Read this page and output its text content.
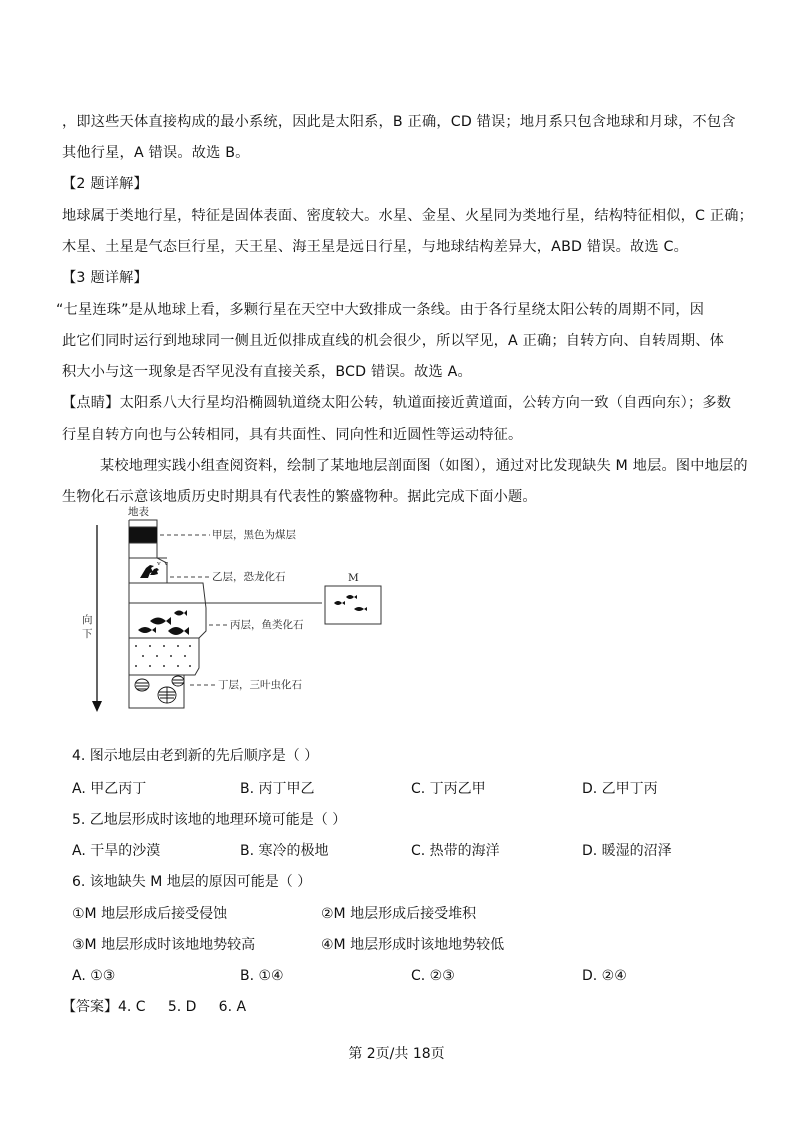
，即这些天体直接构成的最小系统，因此是太阳系，B 正确，CD 错误；地月系只包含地球和月球，不包含
其他行星，A 错误。故选 B。
【2 题详解】
地球属于类地行星，特征是固体表面、密度较大。水星、金星、火星同为类地行星，结构特征相似，C 正确；
木星、土星是气态巨行星，天王星、海王星是远日行星，与地球结构差异大，ABD 错误。故选 C。
【3 题详解】
“七星连珠”是从地球上看，多颗行星在天空中大致排成一条线。由于各行星绕太阳公转的周期不同，因
此它们同时运行到地球同一侧且近似排成直线的机会很少，所以罕见，A 正确；自转方向、自转周期、体
积大小与这一现象是否罕见没有直接关系，BCD 错误。故选 A。
【点睛】太阳系八大行星均沿椭圆轨道绕太阳公转，轨道面接近黄道面，公转方向一致（自西向东）；多数
行星自转方向也与公转相同，具有共面性、同向性和近圆性等运动特征。
某校地理实践小组查阅资料，绘制了某地地层剖面图（如图），通过对比发现缺失 M 地层。图中地层的
生物化石示意该地质历史时期具有代表性的繁盛物种。据此完成下面小题。
地表
向
下
ᵥ ᵥ
甲层，黑色为煤层
乙层，恐龙化石
丙层，鱼类化石
丁层，三叶虫化石
M
4. 图示地层由老到新的先后顺序是（ ）
A. 甲乙丙丁	B. 丙丁甲乙	C. 丁丙乙甲	D. 乙甲丁丙
5. 乙地层形成时该地的地理环境可能是（ ）
A. 干旱的沙漠	B. 寒冷的极地	C. 热带的海洋	D. 暖湿的沼泽
6. 该地缺失 M 地层的原因可能是（ ）
①M 地层形成后接受侵蚀	②M 地层形成后接受堆积
③M 地层形成时该地地势较高	④M 地层形成时该地地势较低
A. ①③	B. ①④	C. ②③	D. ②④
【答案】4. C     5. D     6. A
第 2页/共 18页
